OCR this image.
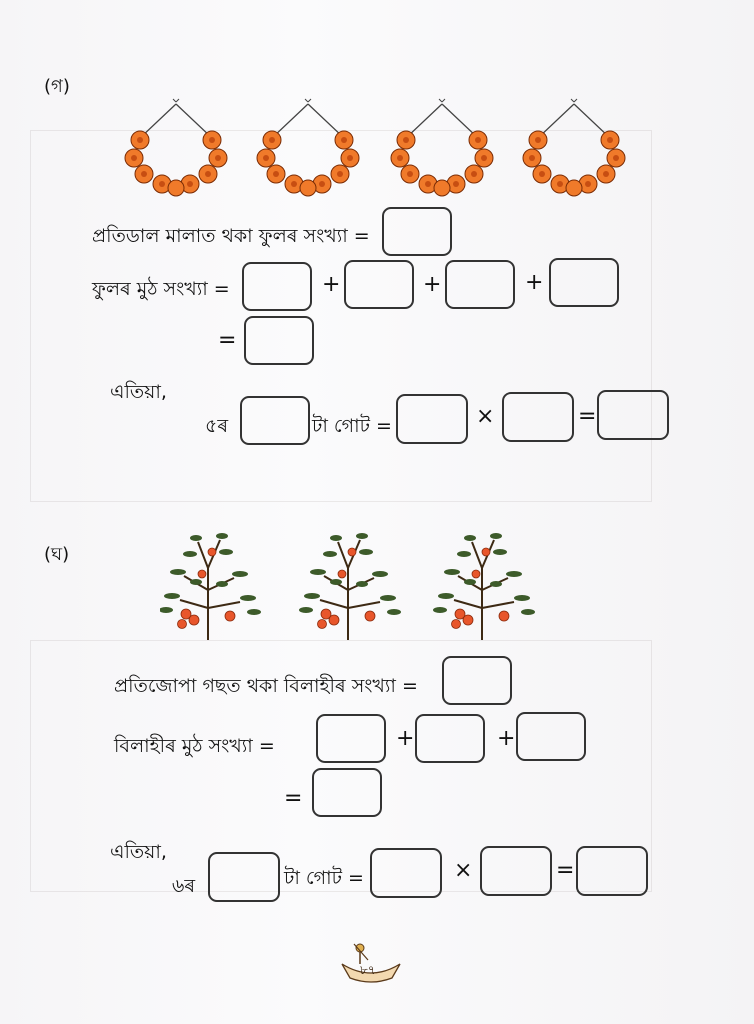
(গ)
প্ৰতিডাল মালাত থকা ফুলৰ সংখ্যা =
ফুলৰ মুঠ সংখ্যা =	+	+	+
=
এতিয়া,
৫ৰ	টা গোট =	×	=
(ঘ)
প্ৰতিজোপা গছত থকা বিলাহীৰ সংখ্যা =
বিলাহীৰ মুঠ সংখ্যা =	+	+
=
এতিয়া,
৬ৰ	টা গোট =	×	=
৮৭
